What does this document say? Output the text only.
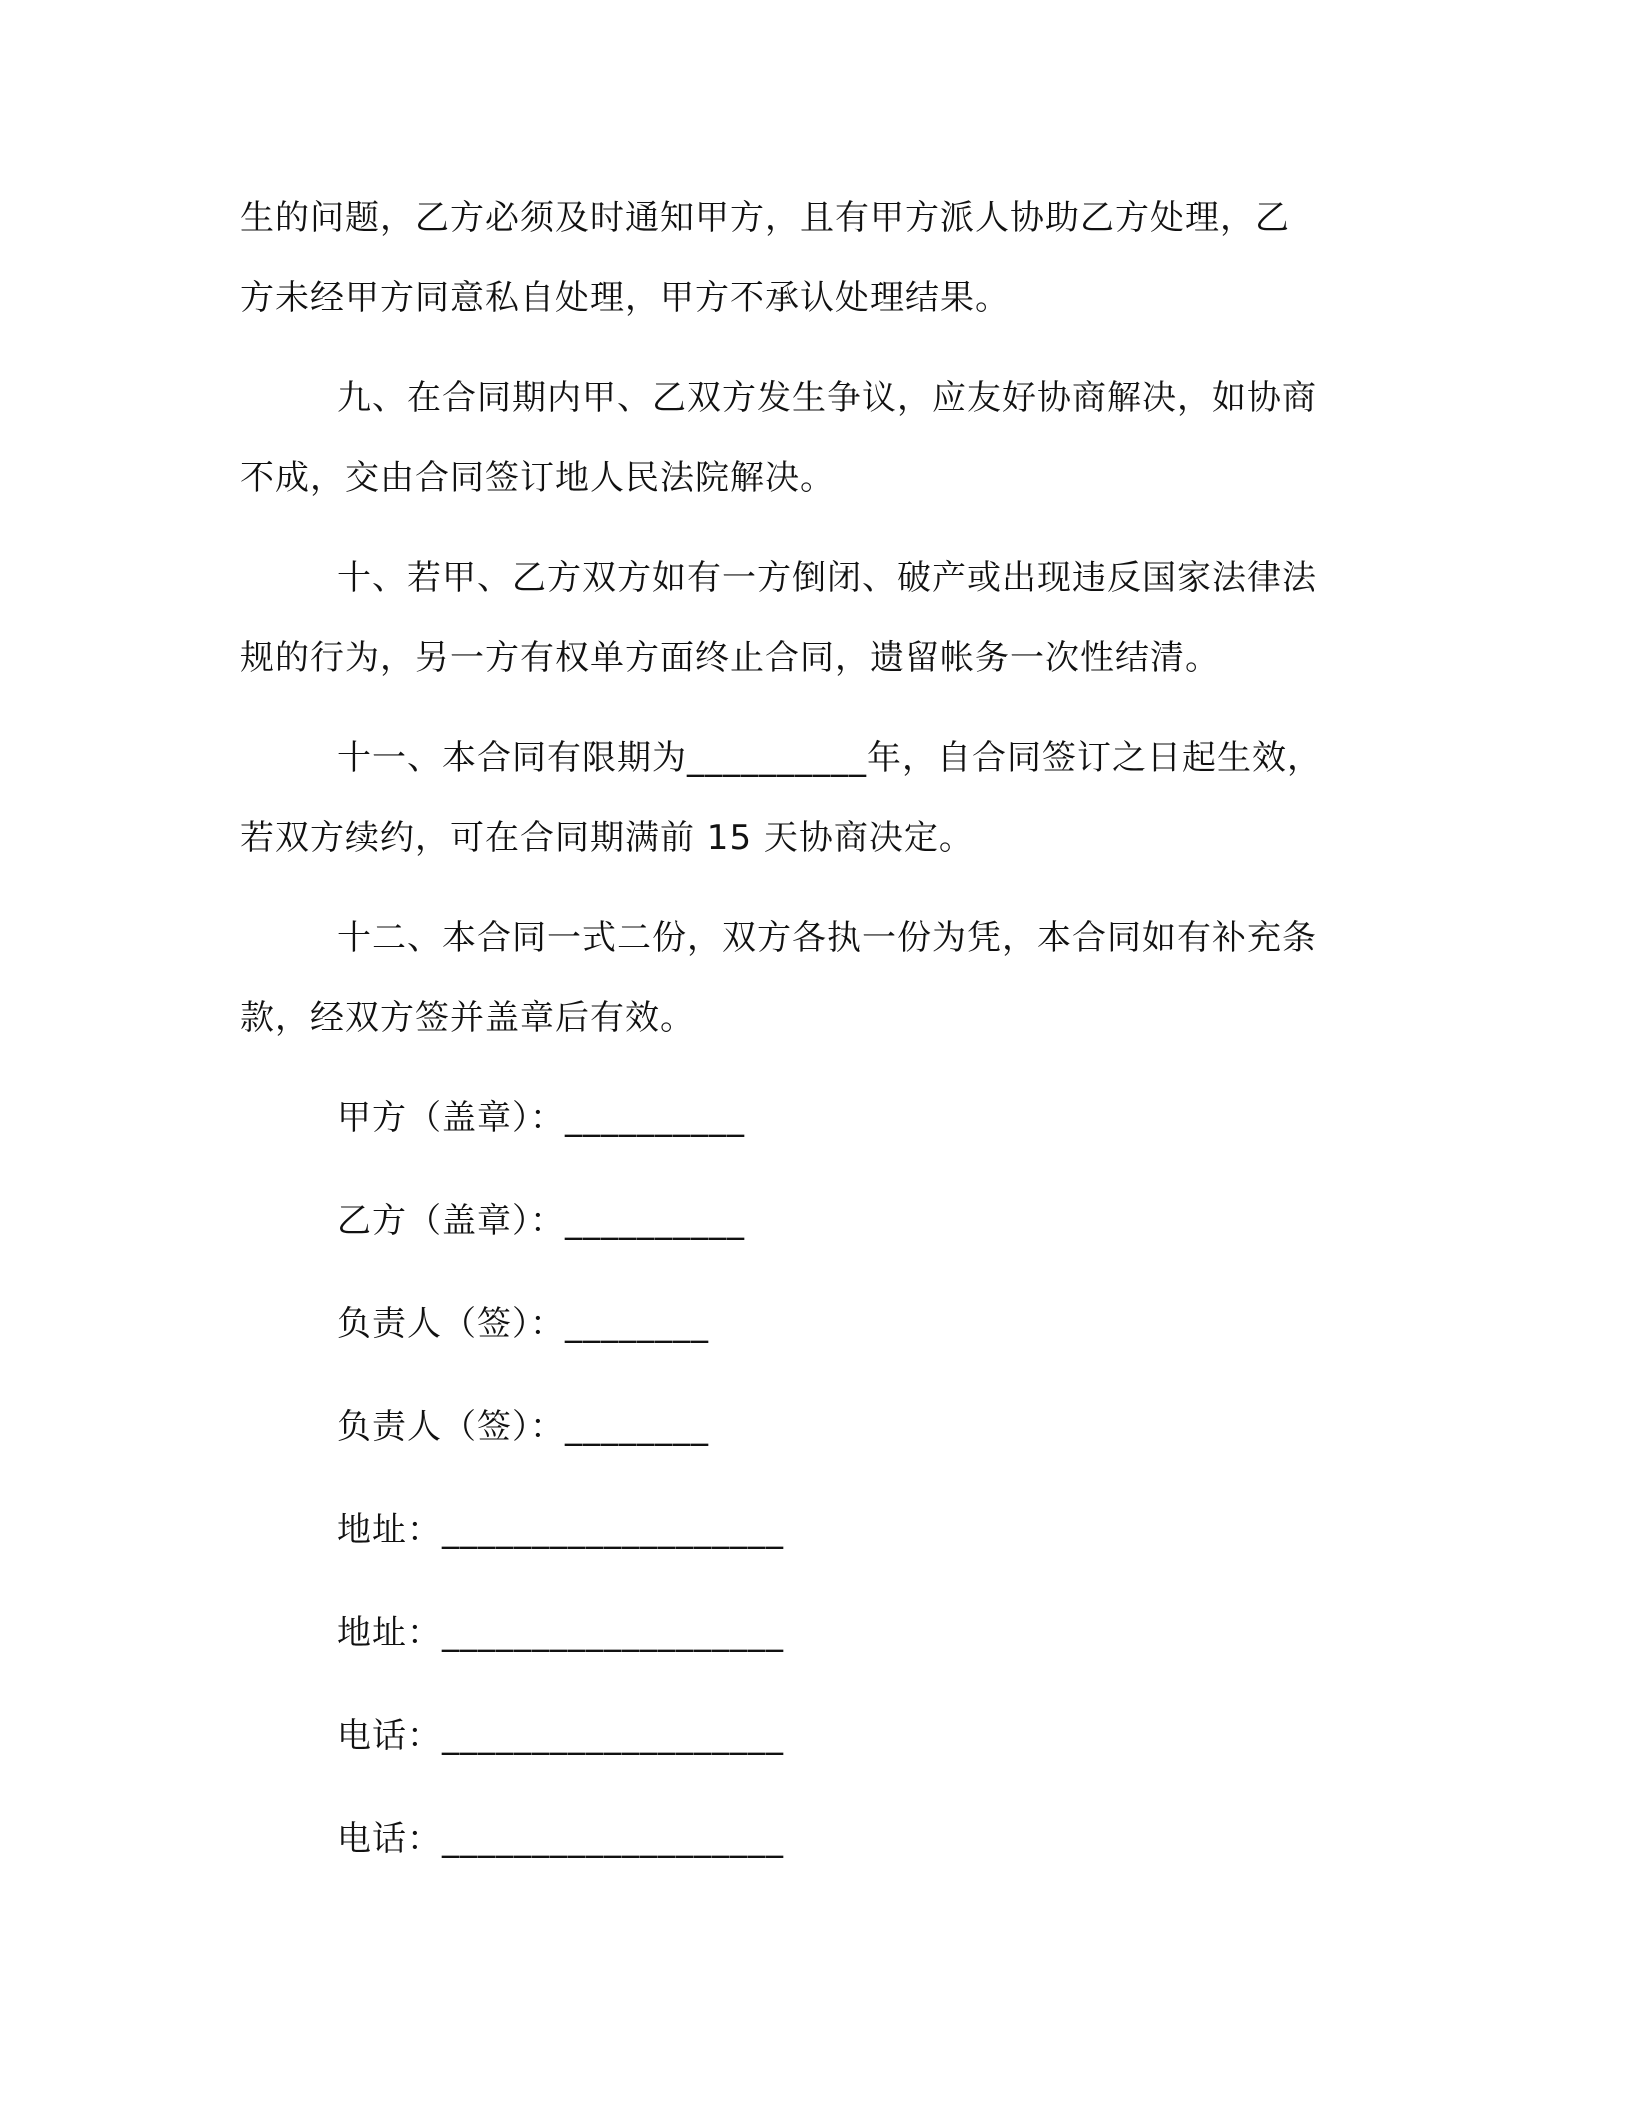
生的问题，乙方必须及时通知甲方，且有甲方派人协助乙方处理，乙
方未经甲方同意私自处理，甲方不承认处理结果。
九、在合同期内甲、乙双方发生争议，应友好协商解决，如协商
不成，交由合同签订地人民法院解决。
十、若甲、乙方双方如有一方倒闭、破产或出现违反国家法律法
规的行为，另一方有权单方面终止合同，遗留帐务一次性结清。
十一、本合同有限期为__________年，自合同签订之日起生效，
若双方续约，可在合同期满前 15 天协商决定。
十二、本合同一式二份，双方各执一份为凭，本合同如有补充条
款，经双方签并盖章后有效。
甲方（盖章）：__________
乙方（盖章）：__________
负责人（签）：________
负责人（签）：________
地址：___________________
地址：___________________
电话：___________________
电话：___________________
